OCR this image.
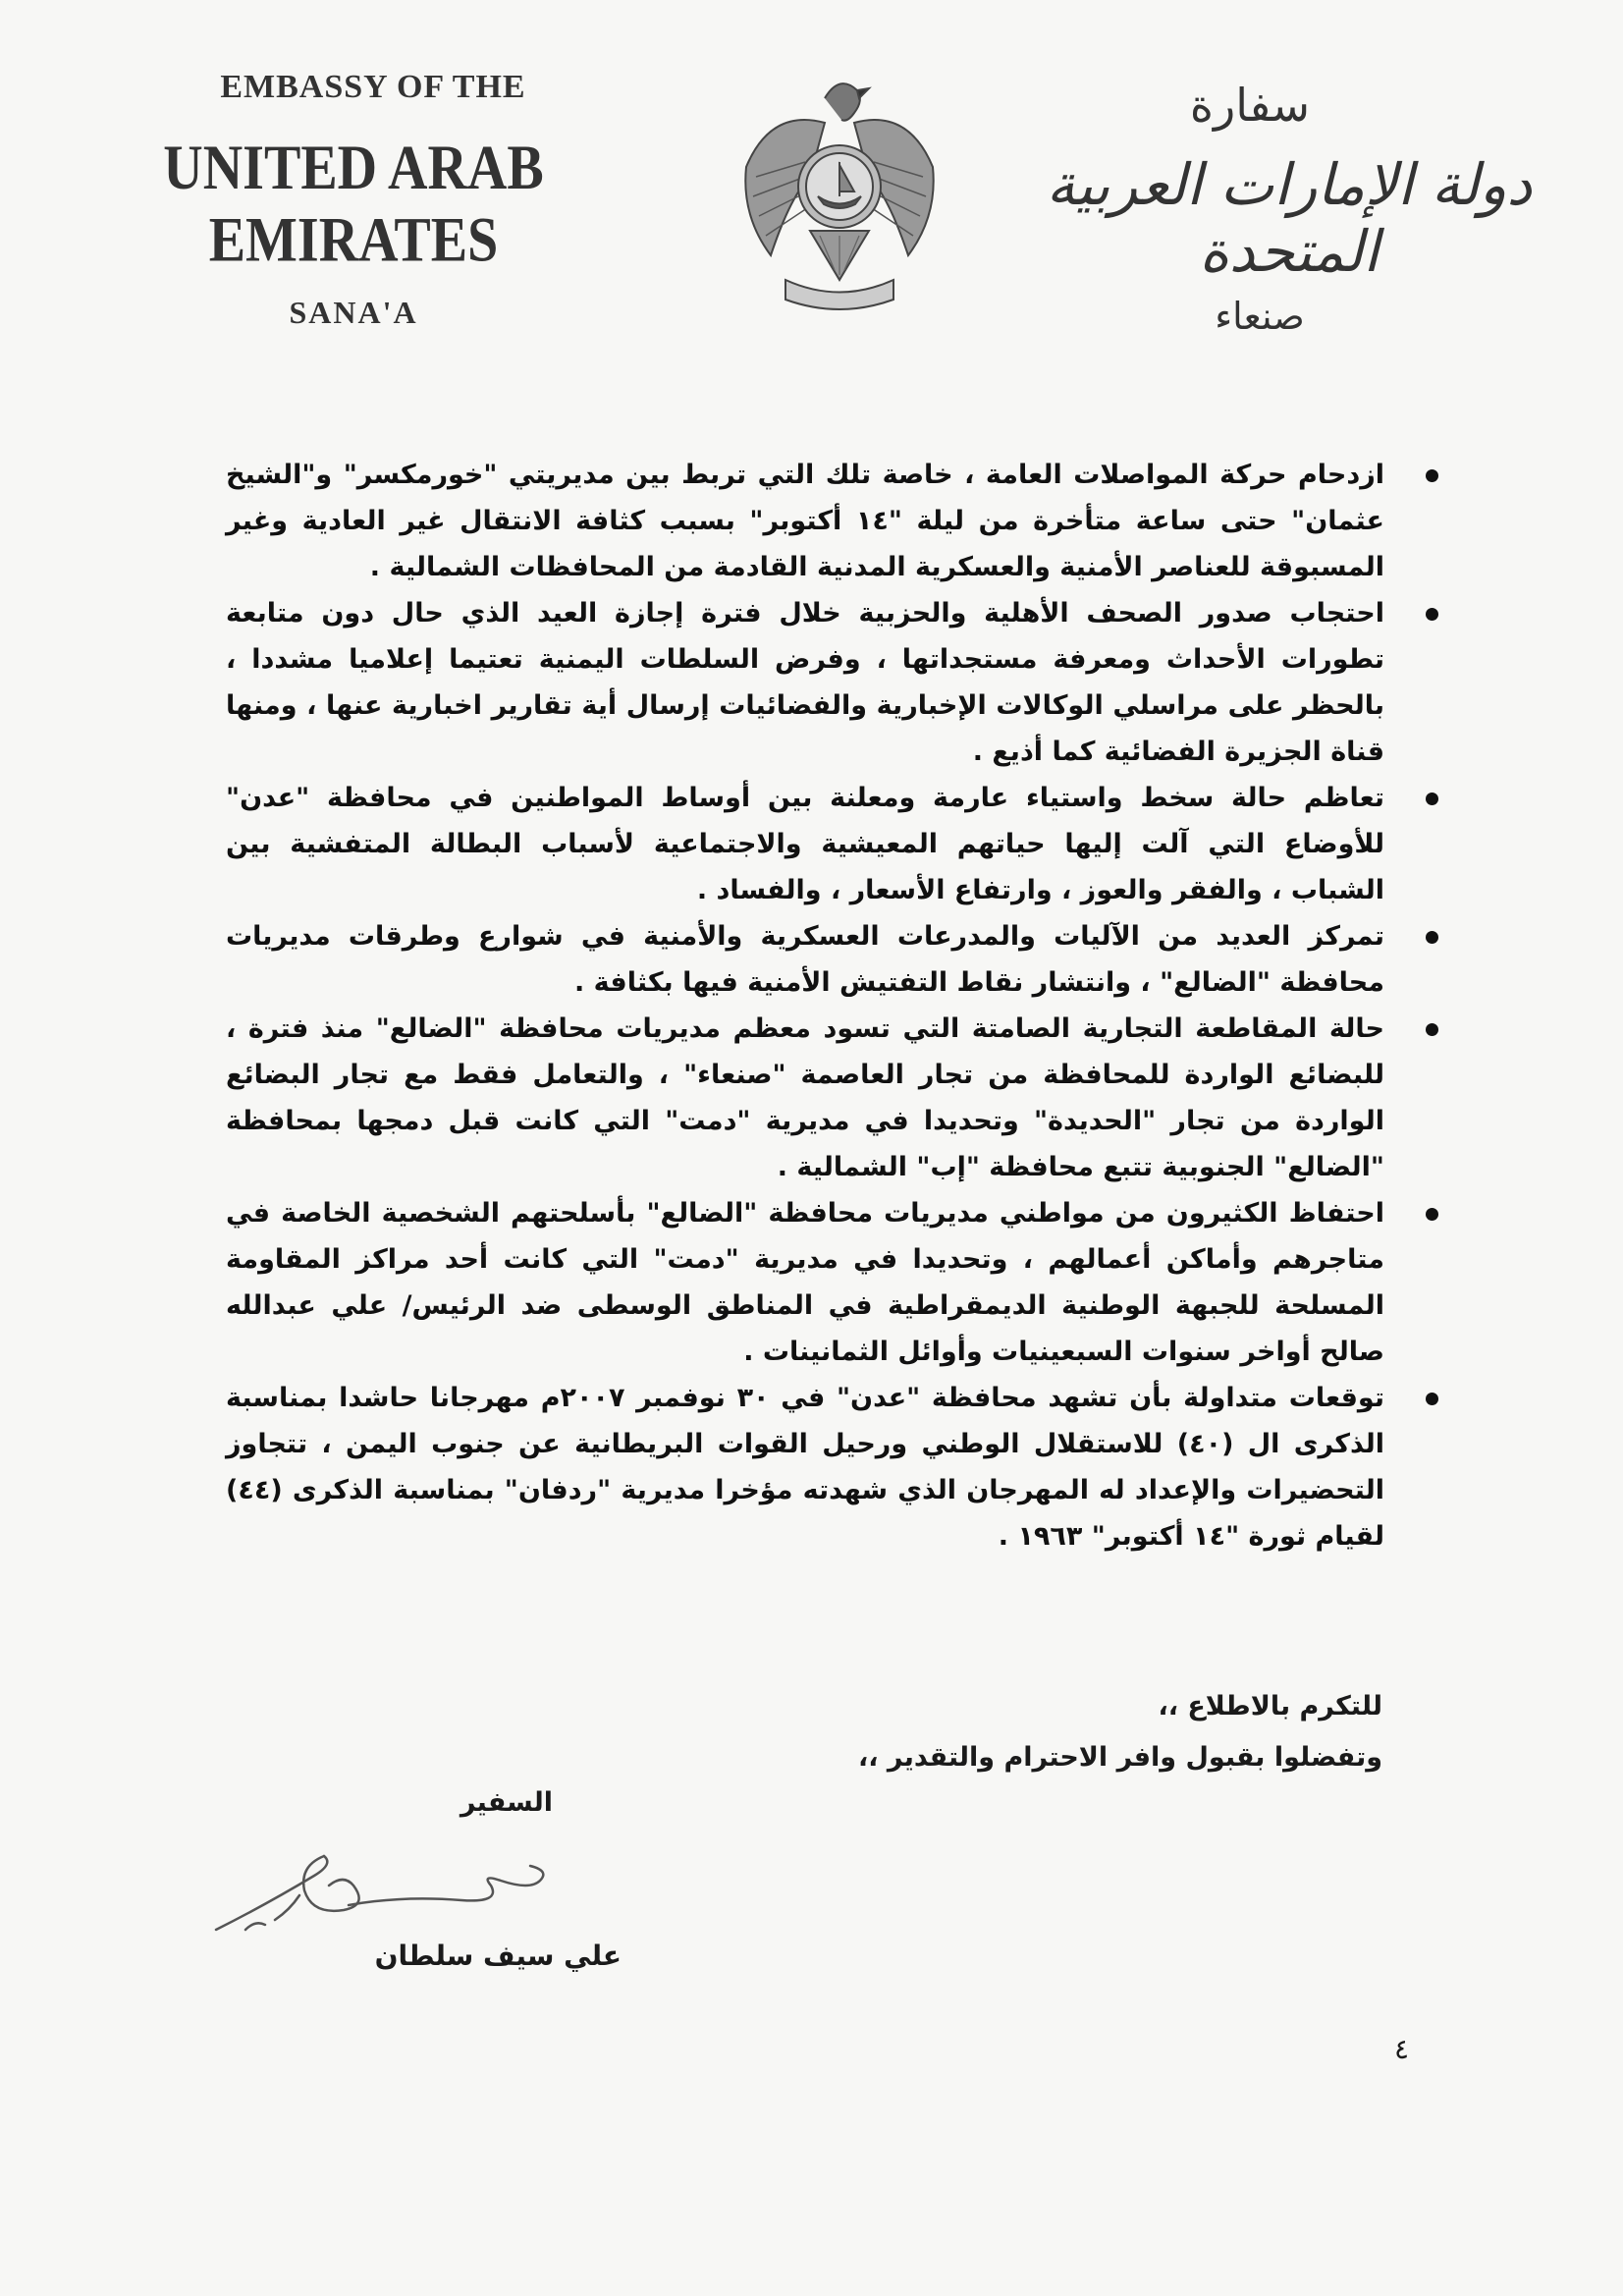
EMBASSY OF THE
UNITED ARAB EMIRATES
SANA'A
سفارة
دولة الإمارات العربية المتحدة
صنعاء
ازدحام حركة المواصلات العامة ، خاصة تلك التي تربط بين مديريتي "خورمكسر" و"الشيخ عثمان" حتى ساعة متأخرة من ليلة "١٤ أكتوبر" بسبب كثافة الانتقال غير العادية وغير المسبوقة للعناصر الأمنية والعسكرية المدنية القادمة من المحافظات الشمالية .
احتجاب صدور الصحف الأهلية والحزبية خلال فترة إجازة العيد الذي حال دون متابعة تطورات الأحداث ومعرفة مستجداتها ، وفرض السلطات اليمنية تعتيما إعلاميا مشددا ، بالحظر على مراسلي الوكالات الإخبارية والفضائيات إرسال أية تقارير اخبارية عنها ، ومنها قناة الجزيرة الفضائية كما أذيع .
تعاظم حالة سخط واستياء عارمة ومعلنة بين أوساط المواطنين في محافظة "عدن" للأوضاع التي آلت إليها حياتهم المعيشية والاجتماعية لأسباب البطالة المتفشية بين الشباب ، والفقر والعوز ، وارتفاع الأسعار ، والفساد .
تمركز العديد من الآليات والمدرعات العسكرية والأمنية في شوارع وطرقات مديريات محافظة "الضالع" ، وانتشار نقاط التفتيش الأمنية فيها بكثافة .
حالة المقاطعة التجارية الصامتة التي تسود معظم مديريات محافظة "الضالع" منذ فترة ، للبضائع الواردة للمحافظة من تجار العاصمة "صنعاء" ، والتعامل فقط مع تجار البضائع الواردة من تجار "الحديدة" وتحديدا في مديرية "دمت" التي كانت قبل دمجها بمحافظة "الضالع" الجنوبية تتبع محافظة "إب" الشمالية .
احتفاظ الكثيرون من مواطني مديريات محافظة "الضالع" بأسلحتهم الشخصية الخاصة في متاجرهم وأماكن أعمالهم ، وتحديدا في مديرية "دمت" التي كانت أحد مراكز المقاومة المسلحة للجبهة الوطنية الديمقراطية في المناطق الوسطى ضد الرئيس/ علي عبدالله صالح أواخر سنوات السبعينيات وأوائل الثمانينات .
توقعات متداولة بأن تشهد محافظة "عدن" في ٣٠ نوفمبر ٢٠٠٧م مهرجانا حاشدا بمناسبة الذكرى ال (٤٠) للاستقلال الوطني ورحيل القوات البريطانية عن جنوب اليمن ، تتجاوز التحضيرات والإعداد له المهرجان الذي شهدته مؤخرا مديرية "ردفان" بمناسبة الذكرى (٤٤) لقيام ثورة "١٤ أكتوبر" ١٩٦٣ .
للتكرم بالاطلاع ،،
وتفضلوا بقبول وافر الاحترام والتقدير ،،
السفير
علي سيف سلطان
٤
